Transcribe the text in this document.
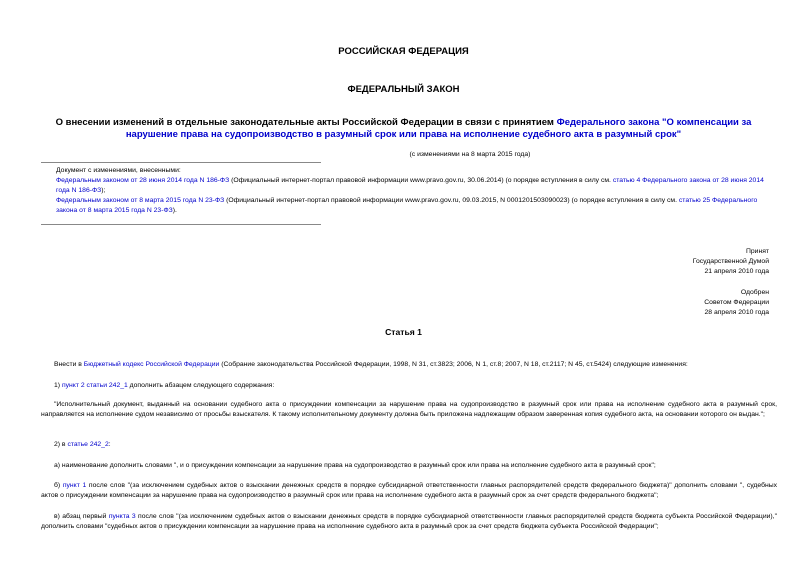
РОССИЙСКАЯ ФЕДЕРАЦИЯ
ФЕДЕРАЛЬНЫЙ ЗАКОН
О внесении изменений в отдельные законодательные акты Российской Федерации в связи с принятием Федерального закона "О компенсации за нарушение права на судопроизводство в разумный срок или права на исполнение судебного акта в разумный срок"
(с изменениями на 8 марта 2015 года)
Документ с изменениями, внесенными:
Федеральным законом от 28 июня 2014 года N 186-ФЗ (Официальный интернет-портал правовой информации www.pravo.gov.ru, 30.06.2014) (о порядке вступления в силу см. статью 4 Федерального закона от 28 июня 2014 года N 186-ФЗ);
Федеральным законом от 8 марта 2015 года N 23-ФЗ (Официальный интернет-портал правовой информации www.pravo.gov.ru, 09.03.2015, N 0001201503090023) (о порядке вступления в силу см. статью 25 Федерального закона от 8 марта 2015 года N 23-ФЗ).
Принят
Государственной Думой
21 апреля 2010 года
Одобрен
Советом Федерации
28 апреля 2010 года
Статья 1
Внести в Бюджетный кодекс Российской Федерации (Собрание законодательства Российской Федерации, 1998, N 31, ст.3823; 2006, N 1, ст.8; 2007, N 18, ст.2117; N 45, ст.5424) следующие изменения:
1) пункт 2 статьи 242_1 дополнить абзацем следующего содержания:
"Исполнительный документ, выданный на основании судебного акта о присуждении компенсации за нарушение права на судопроизводство в разумный срок или права на исполнение судебного акта в разумный срок, направляется на исполнение судом независимо от просьбы взыскателя. К такому исполнительному документу должна быть приложена надлежащим образом заверенная копия судебного акта, на основании которого он выдан.";
2) в статье 242_2:
а) наименование дополнить словами ", и о присуждении компенсации за нарушение права на судопроизводство в разумный срок или права на исполнение судебного акта в разумный срок";
б) пункт 1 после слов "(за исключением судебных актов о взыскании денежных средств в порядке субсидиарной ответственности главных распорядителей средств федерального бюджета)" дополнить словами ", судебных актов о присуждении компенсации за нарушение права на судопроизводство в разумный срок или права на исполнение судебного акта в разумный срок за счет средств федерального бюджета";
в) абзац первый пункта 3 после слов "(за исключением судебных актов о взыскании денежных средств в порядке субсидиарной ответственности главных распорядителей средств бюджета субъекта Российской Федерации)," дополнить словами "судебных актов о присуждении компенсации за нарушение права на исполнение судебного акта в разумный срок за счет средств бюджета субъекта Российской Федерации";
